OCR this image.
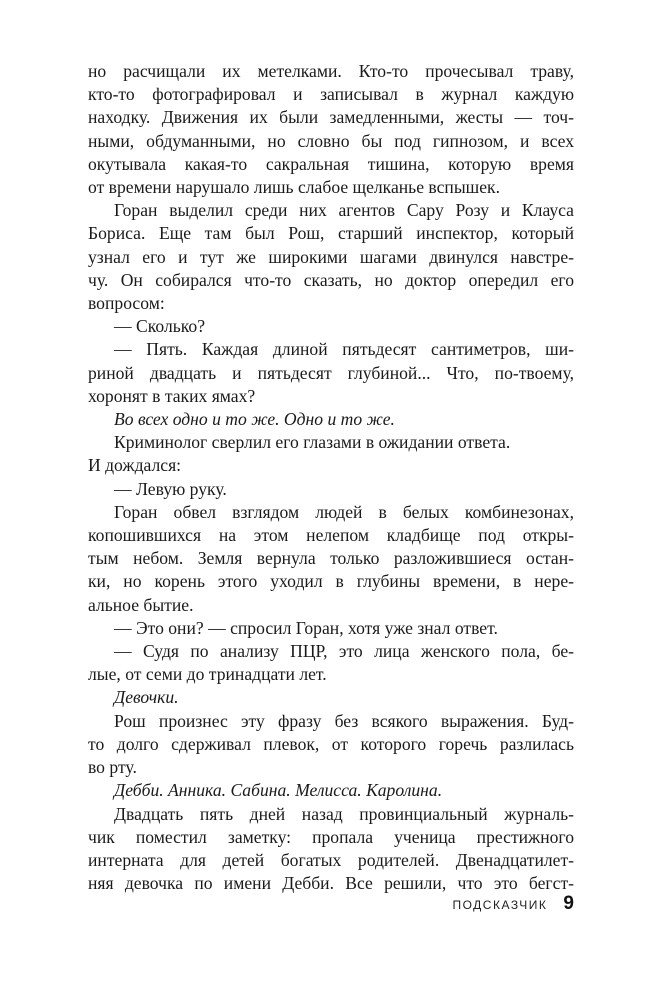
но расчищали их метелками. Кто-то прочесывал траву,
кто-то фотографировал и записывал в журнал каждую
находку. Движения их были замедленными, жесты — точ-
ными, обдуманными, но словно бы под гипнозом, и всех
окутывала какая-то сакральная тишина, которую время
от времени нарушало лишь слабое щелканье вспышек.
Горан выделил среди них агентов Сару Розу и Клауса
Бориса. Еще там был Рош, старший инспектор, который
узнал его и тут же широкими шагами двинулся навстре-
чу. Он собирался что-то сказать, но доктор опередил его
вопросом:
— Сколько?
— Пять. Каждая длиной пятьдесят сантиметров, ши-
риной двадцать и пятьдесят глубиной... Что, по-твоему,
хоронят в таких ямах?
Во всех одно и то же. Одно и то же.
Криминолог сверлил его глазами в ожидании ответа.
И дождался:
— Левую руку.
Горан обвел взглядом людей в белых комбинезонах,
копошившихся на этом нелепом кладбище под откры-
тым небом. Земля вернула только разложившиеся остан-
ки, но корень этого уходил в глубины времени, в нере-
альное бытие.
— Это они? — спросил Горан, хотя уже знал ответ.
— Судя по анализу ПЦР, это лица женского пола, бе-
лые, от семи до тринадцати лет.
Девочки.
Рош произнес эту фразу без всякого выражения. Буд-
то долго сдерживал плевок, от которого горечь разлилась
во рту.
Дебби. Анника. Сабина. Мелисса. Каролина.
Двадцать пять дней назад провинциальный журналь-
чик поместил заметку: пропала ученица престижного
интерната для детей богатых родителей. Двенадцатилет-
няя девочка по имени Дебби. Все решили, что это бегст-
ПОДСКАЗЧИК 9
